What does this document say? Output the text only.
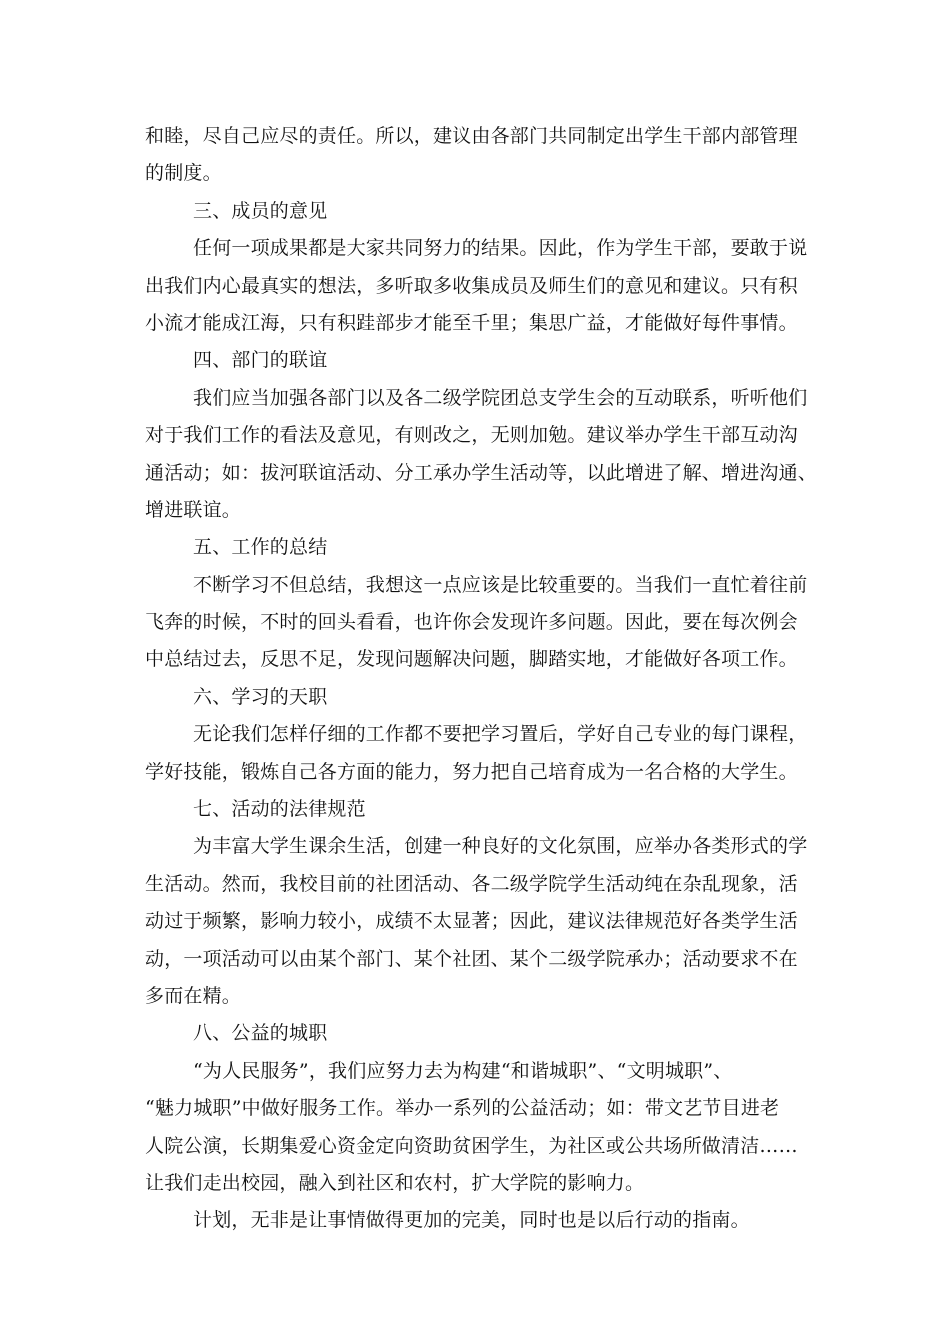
和睦，尽自己应尽的责任。所以，建议由各部门共同制定出学生干部内部管理
的制度。
三、成员的意见
任何一项成果都是大家共同努力的结果。因此，作为学生干部，要敢于说
出我们内心最真实的想法，多听取多收集成员及师生们的意见和建议。只有积
小流才能成江海，只有积跬部步才能至千里；集思广益，才能做好每件事情。
四、部门的联谊
我们应当加强各部门以及各二级学院团总支学生会的互动联系，听听他们
对于我们工作的看法及意见，有则改之，无则加勉。建议举办学生干部互动沟
通活动；如：拔河联谊活动、分工承办学生活动等，以此增进了解、增进沟通、
增进联谊。
五、工作的总结
不断学习不但总结，我想这一点应该是比较重要的。当我们一直忙着往前
飞奔的时候，不时的回头看看，也许你会发现许多问题。因此，要在每次例会
中总结过去，反思不足，发现问题解决问题，脚踏实地，才能做好各项工作。
六、学习的天职
无论我们怎样仔细的工作都不要把学习置后，学好自己专业的每门课程，
学好技能，锻炼自己各方面的能力，努力把自己培育成为一名合格的大学生。
七、活动的法律规范
为丰富大学生课余生活，创建一种良好的文化氛围，应举办各类形式的学
生活动。然而，我校目前的社团活动、各二级学院学生活动纯在杂乱现象，活
动过于频繁，影响力较小，成绩不太显著；因此，建议法律规范好各类学生活
动，一项活动可以由某个部门、某个社团、某个二级学院承办；活动要求不在
多而在精。
八、公益的城职
“为人民服务”，我们应努力去为构建“和谐城职”、“文明城职”、
“魅力城职”中做好服务工作。举办一系列的公益活动；如：带文艺节目进老
人院公演，长期集爱心资金定向资助贫困学生，为社区或公共场所做清洁……
让我们走出校园，融入到社区和农村，扩大学院的影响力。
计划，无非是让事情做得更加的完美，同时也是以后行动的指南。
